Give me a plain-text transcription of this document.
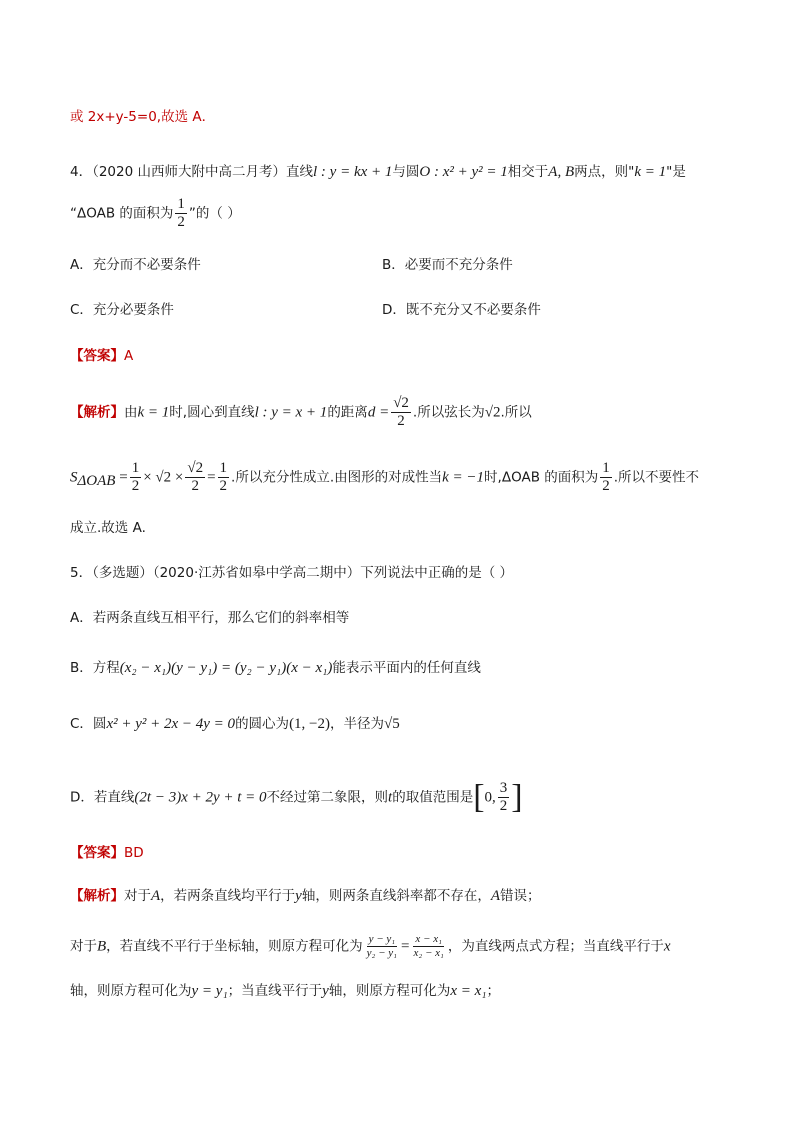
或 2x+y-5=0,故选 A．
4．（2020 山西师大附中高二月考）直线l : y = kx + 1与圆O : x² + y² = 1相交于A, B两点，则"k = 1"是
“ΔOAB 的面积为 $\frac{1}{2}$ ”的（ ）
A．充分而不必要条件	B．必要而不充分条件
C．充分必要条件	D．既不充分又不必要条件
【答案】A
【解析】由k = 1时,圆心到直线l : y = x + 1的距离$d = \frac{√2}{2}$ .所以弦长为√2.所以
$S_{\Delta OAB} = \frac{1}{2} \times √2 \times \frac{√2}{2} = \frac{1}{2}$ .所以充分性成立.由图形的对成性当k = −1时,ΔOAB 的面积为 $\frac{1}{2}$ .所以不要性不
成立.故选 A.
5．（多选题）（2020·江苏省如皋中学高二期中）下列说法中正确的是（ ）
A．若两条直线互相平行，那么它们的斜率相等
B．方程(x₂ − x₁)(y − y₁) = (y₂ − y₁)(x − x₁)能表示平面内的任何直线
C．圆x² + y² + 2x − 4y = 0的圆心为(1, −2)，半径为√5
D．若直线(2t − 3)x + 2y + t = 0不经过第二象限，则t的取值范围是[0, $\frac{3}{2}$ ]
【答案】BD
【解析】对于A，若两条直线均平行于y轴，则两条直线斜率都不存在，A错误；
对于B，若直线不平行于坐标轴，则原方程可化为 $\frac{\text{y − y₁}}{\text{y₂ − y₁}} = \frac{\text{x − x₁}}{\text{x₂ − x₁}}$ ，为直线两点式方程；当直线平行于x
轴，则原方程可化为y = y₁；当直线平行于y轴，则原方程可化为x = x₁；
